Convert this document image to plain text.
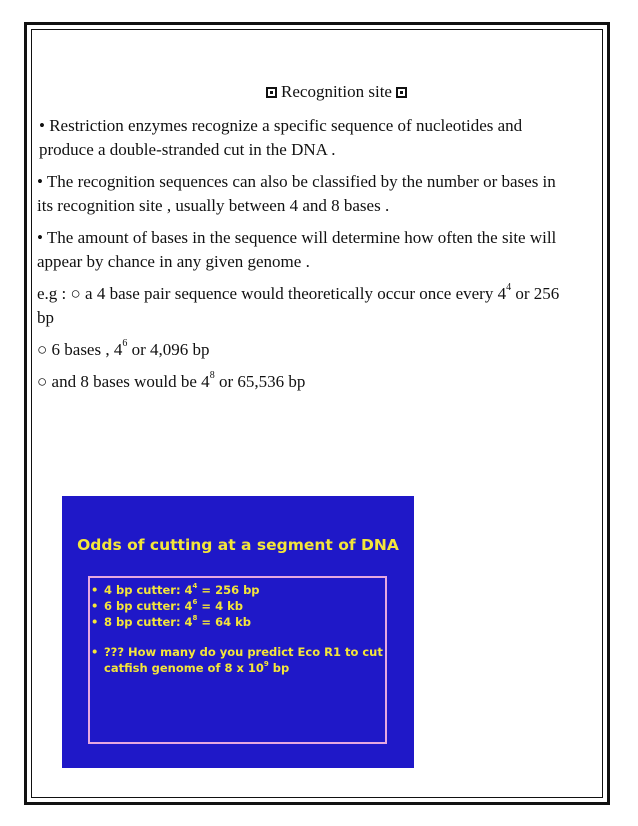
Recognition site

• Restriction enzymes recognize a specific sequence of nucleotides and produce a double-stranded cut in the DNA .

• The recognition sequences can also be classified by the number or bases in its recognition site , usually between 4 and 8 bases .

• The amount of bases in the sequence will determine how often the site will appear by chance in any given genome .

e.g : ○ a 4 base pair sequence would theoretically occur once every $4^4$ or 256 bp

○ 6 bases , $4^6$ or 4,096 bp

○ and 8 bases would be $4^8$ or 65,536 bp

Odds of cutting at a segment of DNA
• 4 bp cutter: $4^4 = 256$ bp
• 6 bp cutter: $4^6 = 4$ kb
• 8 bp cutter: $4^8 = 64$ kb
• ??? How many do you predict Eco R1 to cut catfish genome of 8 x $10^9$ bp
